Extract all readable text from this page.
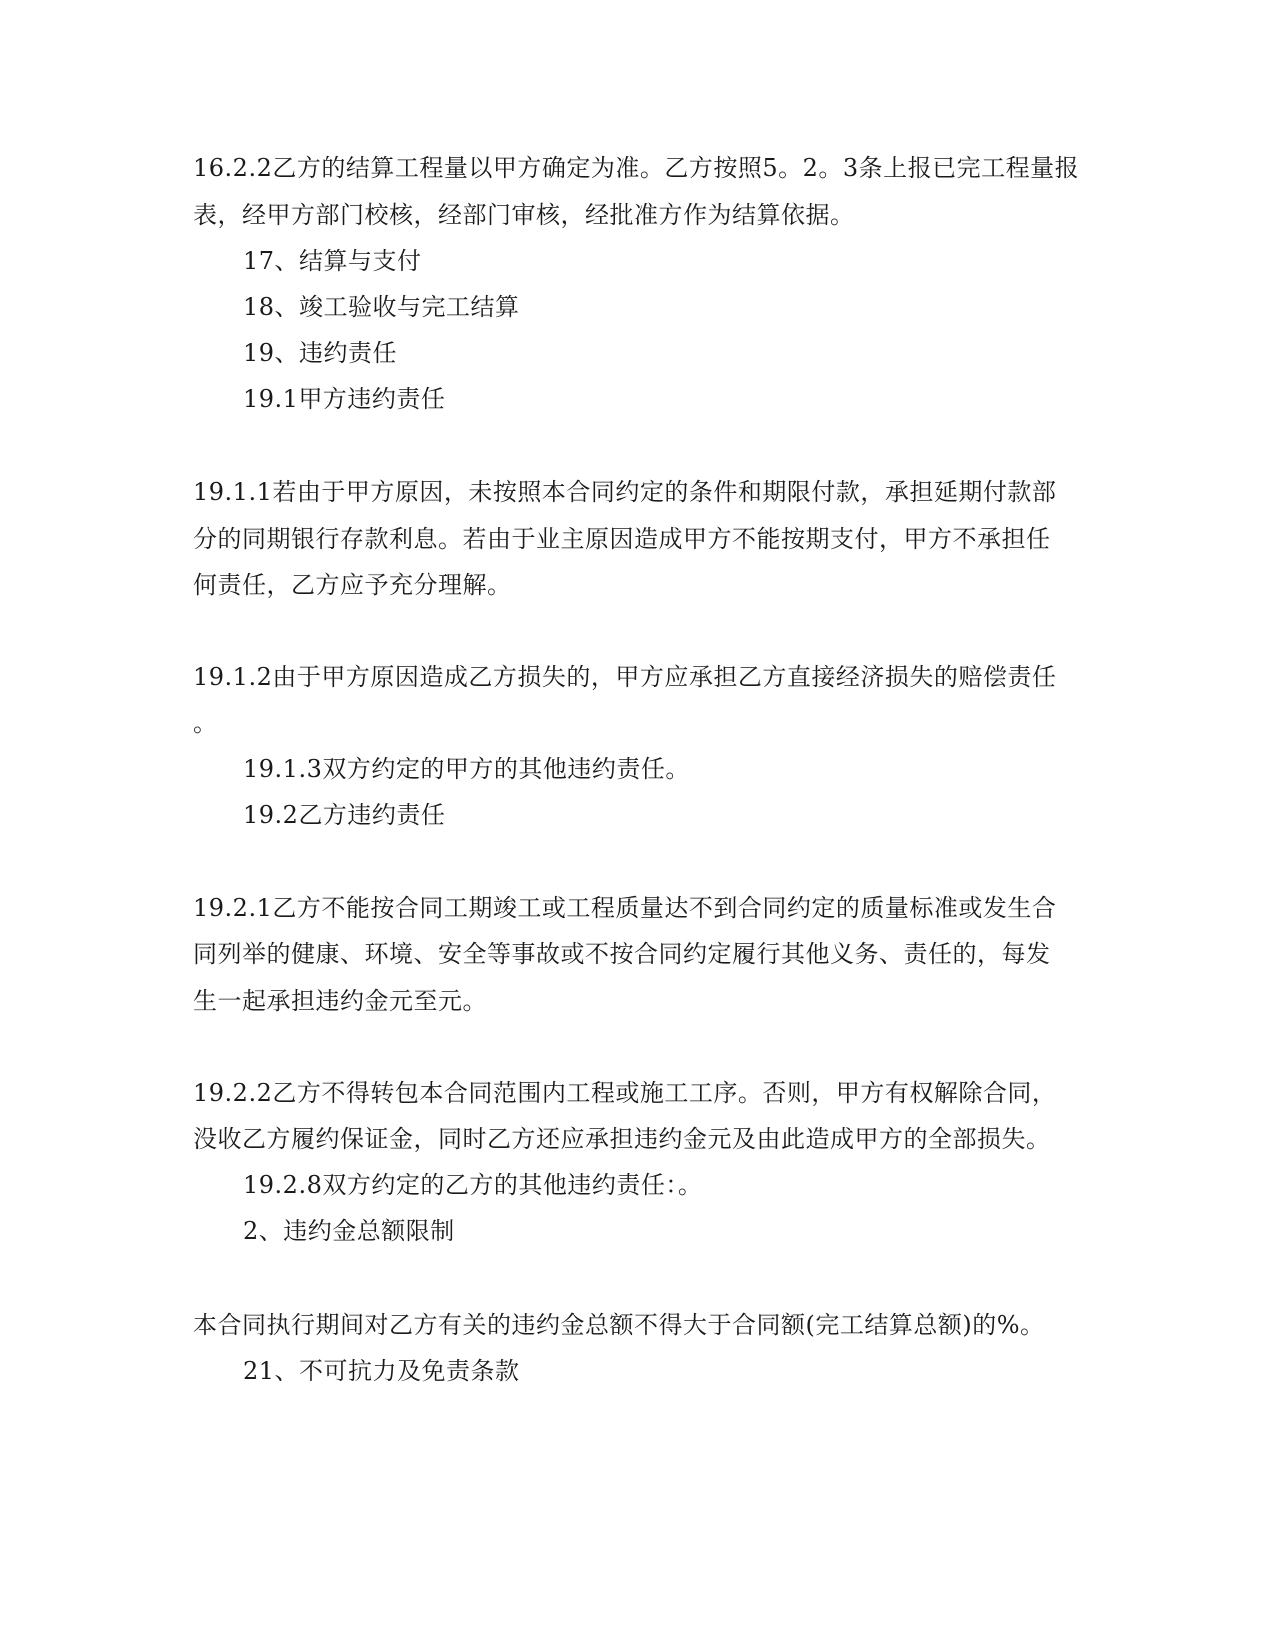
16.2.2乙方的结算工程量以甲方确定为准。乙方按照5。2。3条上报已完工程量报
表，经甲方部门校核，经部门审核，经批准方作为结算依据。
17、结算与支付
18、竣工验收与完工结算
19、违约责任
19.1甲方违约责任
19.1.1若由于甲方原因，未按照本合同约定的条件和期限付款，承担延期付款部
分的同期银行存款利息。若由于业主原因造成甲方不能按期支付，甲方不承担任
何责任，乙方应予充分理解。
19.1.2由于甲方原因造成乙方损失的，甲方应承担乙方直接经济损失的赔偿责任
。
19.1.3双方约定的甲方的其他违约责任。
19.2乙方违约责任
19.2.1乙方不能按合同工期竣工或工程质量达不到合同约定的质量标准或发生合
同列举的健康、环境、安全等事故或不按合同约定履行其他义务、责任的，每发
生一起承担违约金元至元。
19.2.2乙方不得转包本合同范围内工程或施工工序。否则，甲方有权解除合同，
没收乙方履约保证金，同时乙方还应承担违约金元及由此造成甲方的全部损失。
19.2.8双方约定的乙方的其他违约责任：。
2、违约金总额限制
本合同执行期间对乙方有关的违约金总额不得大于合同额(完工结算总额)的%。
21、不可抗力及免责条款
